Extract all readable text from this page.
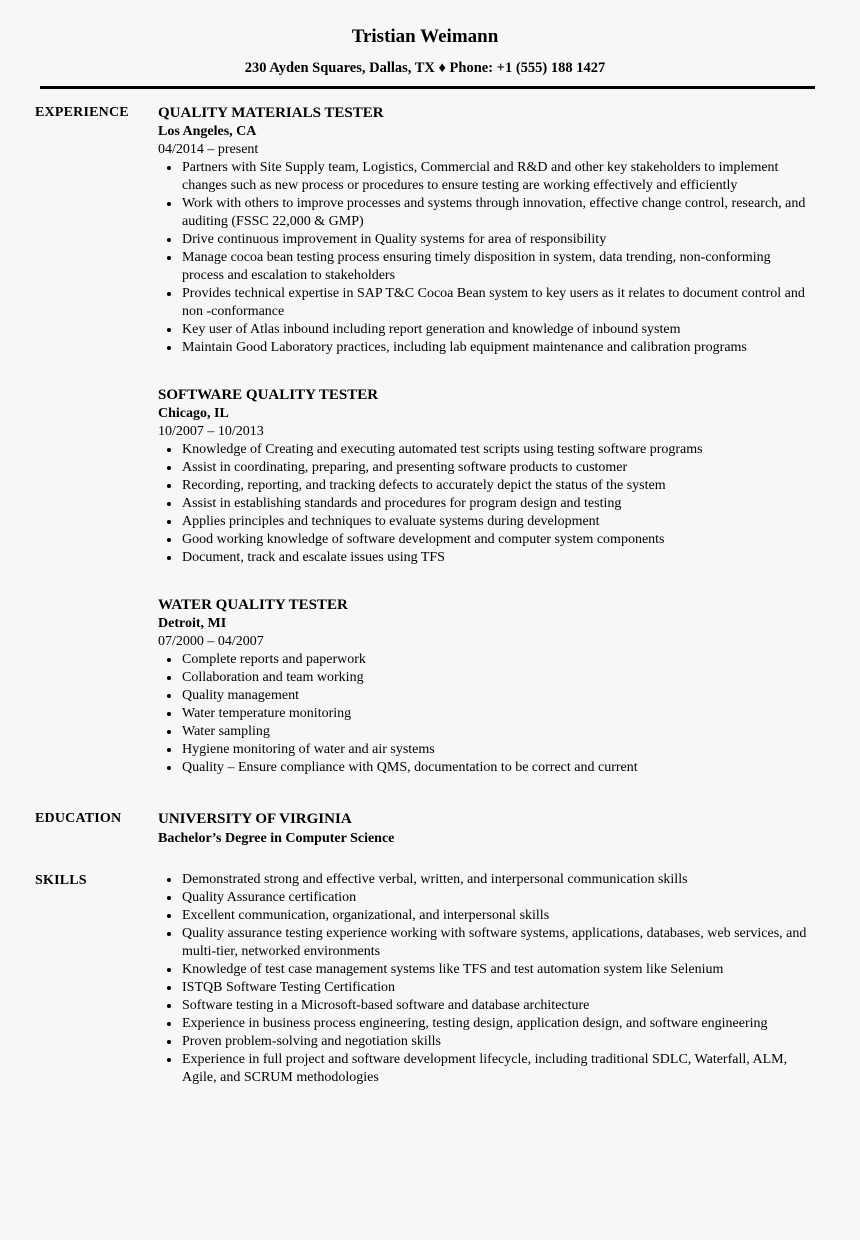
Tristian Weimann
230 Ayden Squares, Dallas, TX ♦ Phone: +1 (555) 188 1427
EXPERIENCE	QUALITY MATERIALS TESTER
Los Angeles, CA
04/2014 – present
• Partners with Site Supply team, Logistics, Commercial and R&D and other key stakeholders to implement changes such as new process or procedures to ensure testing are working effectively and efficiently
• Work with others to improve processes and systems through innovation, effective change control, research, and auditing (FSSC 22,000 & GMP)
• Drive continuous improvement in Quality systems for area of responsibility
• Manage cocoa bean testing process ensuring timely disposition in system, data trending, non-conforming process and escalation to stakeholders
• Provides technical expertise in SAP T&C Cocoa Bean system to key users as it relates to document control and non -conformance
• Key user of Atlas inbound including report generation and knowledge of inbound system
• Maintain Good Laboratory practices, including lab equipment maintenance and calibration programs
SOFTWARE QUALITY TESTER
Chicago, IL
10/2007 – 10/2013
• Knowledge of Creating and executing automated test scripts using testing software programs
• Assist in coordinating, preparing, and presenting software products to customer
• Recording, reporting, and tracking defects to accurately depict the status of the system
• Assist in establishing standards and procedures for program design and testing
• Applies principles and techniques to evaluate systems during development
• Good working knowledge of software development and computer system components
• Document, track and escalate issues using TFS
WATER QUALITY TESTER
Detroit, MI
07/2000 – 04/2007
• Complete reports and paperwork
• Collaboration and team working
• Quality management
• Water temperature monitoring
• Water sampling
• Hygiene monitoring of water and air systems
• Quality – Ensure compliance with QMS, documentation to be correct and current
EDUCATION	UNIVERSITY OF VIRGINIA
Bachelor’s Degree in Computer Science
SKILLS	• Demonstrated strong and effective verbal, written, and interpersonal communication skills
• Quality Assurance certification
• Excellent communication, organizational, and interpersonal skills
• Quality assurance testing experience working with software systems, applications, databases, web services, and multi-tier, networked environments
• Knowledge of test case management systems like TFS and test automation system like Selenium
• ISTQB Software Testing Certification
• Software testing in a Microsoft-based software and database architecture
• Experience in business process engineering, testing design, application design, and software engineering
• Proven problem-solving and negotiation skills
• Experience in full project and software development lifecycle, including traditional SDLC, Waterfall, ALM, Agile, and SCRUM methodologies
